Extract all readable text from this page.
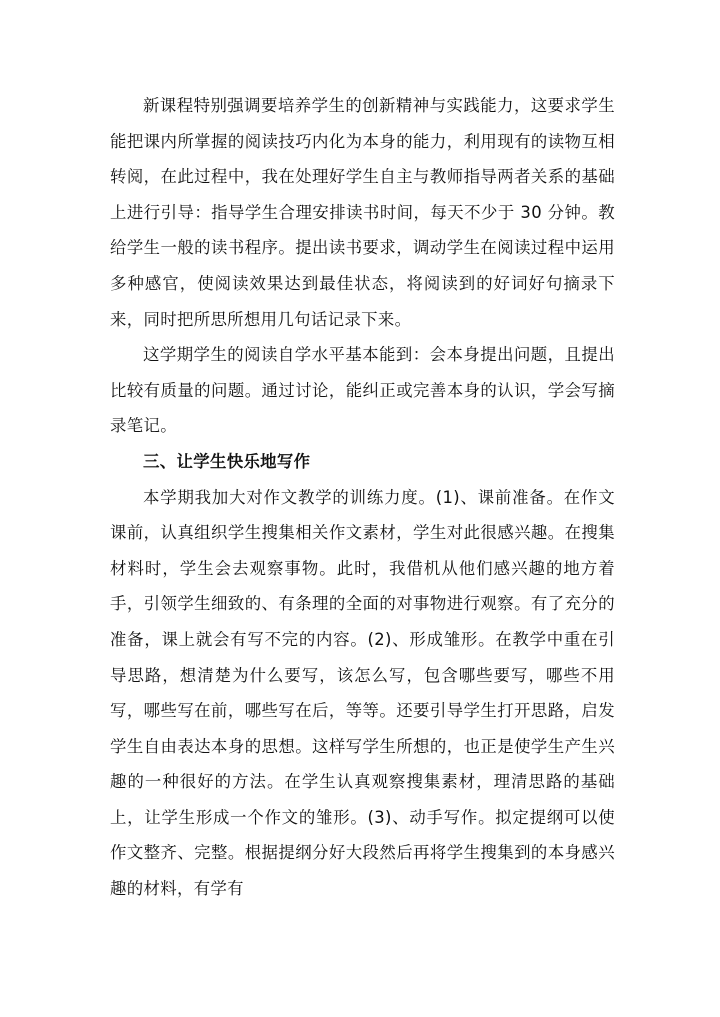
新课程特别强调要培养学生的创新精神与实践能力，这要求学生能把课内所掌握的阅读技巧内化为本身的能力，利用现有的读物互相转阅，在此过程中，我在处理好学生自主与教师指导两者关系的基础上进行引导：指导学生合理安排读书时间，每天不少于 30 分钟。教给学生一般的读书程序。提出读书要求，调动学生在阅读过程中运用多种感官，使阅读效果达到最佳状态，将阅读到的好词好句摘录下来，同时把所思所想用几句话记录下来。

这学期学生的阅读自学水平基本能到：会本身提出问题，且提出比较有质量的问题。通过讨论，能纠正或完善本身的认识，学会写摘录笔记。

三、让学生快乐地写作

本学期我加大对作文教学的训练力度。(1)、课前准备。在作文课前，认真组织学生搜集相关作文素材，学生对此很感兴趣。在搜集材料时，学生会去观察事物。此时，我借机从他们感兴趣的地方着手，引领学生细致的、有条理的全面的对事物进行观察。有了充分的准备，课上就会有写不完的内容。(2)、形成雏形。在教学中重在引导思路，想清楚为什么要写，该怎么写，包含哪些要写，哪些不用写，哪些写在前，哪些写在后，等等。还要引导学生打开思路，启发学生自由表达本身的思想。这样写学生所想的，也正是使学生产生兴趣的一种很好的方法。在学生认真观察搜集素材，理清思路的基础上，让学生形成一个作文的雏形。(3)、动手写作。拟定提纲可以使作文整齐、完整。根据提纲分好大段然后再将学生搜集到的本身感兴趣的材料，有学有
